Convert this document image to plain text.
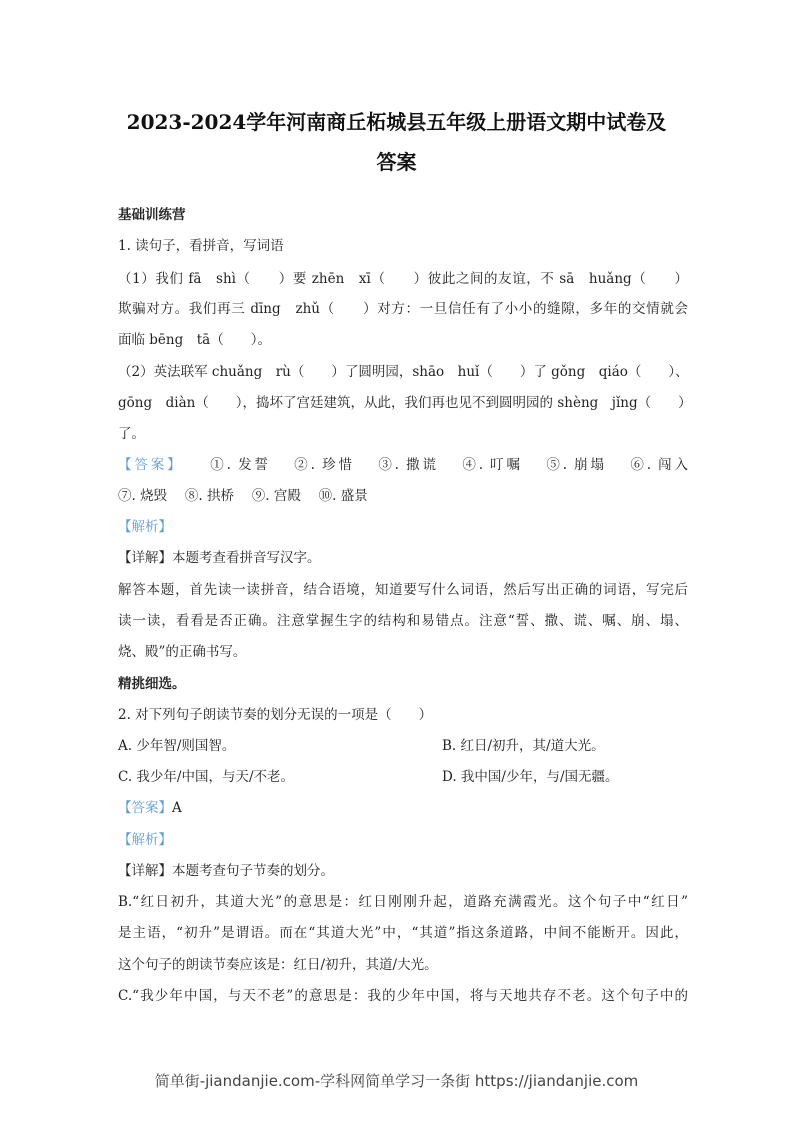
2023-2024学年河南商丘柘城县五年级上册语文期中试卷及
答案
基础训练营
1. 读句子，看拼音，写词语
（1）我们 fā　shì（　　）要 zhēn　xī（　　）彼此之间的友谊，不 sā　huǎng（　　）
欺骗对方。我们再三 dīng　zhǔ（　　）对方：一旦信任有了小小的缝隙，多年的交情就会
面临 bēng　tā（　　）。
（2）英法联军 chuǎng　rù（　　）了圆明园，shāo　huǐ（　　）了 gǒng　qiáo（　　）、
gōng　diàn（　　），捣坏了宫廷建筑，从此，我们再也见不到圆明园的 shèng　jǐng（　　）
了。
【答案】 ①. 发誓　 ②. 珍惜　 ③. 撒谎　 ④. 叮嘱　 ⑤. 崩塌　 ⑥. 闯入
⑦. 烧毁　 ⑧. 拱桥　 ⑨. 宫殿　 ⑩. 盛景
【解析】
【详解】本题考查看拼音写汉字。
解答本题，首先读一读拼音，结合语境，知道要写什么词语，然后写出正确的词语，写完后
读一读，看看是否正确。注意掌握生字的结构和易错点。注意“誓、撒、谎、嘱、崩、塌、
烧、殿”的正确书写。
精挑细选。
2. 对下列句子朗读节奏的划分无误的一项是（　　）
A. 少年智/则国智。	B. 红日/初升，其/道大光。
C. 我少年/中国，与天/不老。	D. 我中国/少年，与/国无疆。
【答案】A
【解析】
【详解】本题考查句子节奏的划分。
B.“红日初升，其道大光”的意思是：红日刚刚升起，道路充满霞光。这个句子中“红日”
是主语，“初升”是谓语。而在“其道大光”中，“其道”指这条道路，中间不能断开。因此，
这个句子的朗读节奏应该是：红日/初升，其道/大光。
C.“我少年中国，与天不老”的意思是：我的少年中国，将与天地共存不老。这个句子中的
简单街-jiandanjie.com-学科网简单学习一条街 https://jiandanjie.com
